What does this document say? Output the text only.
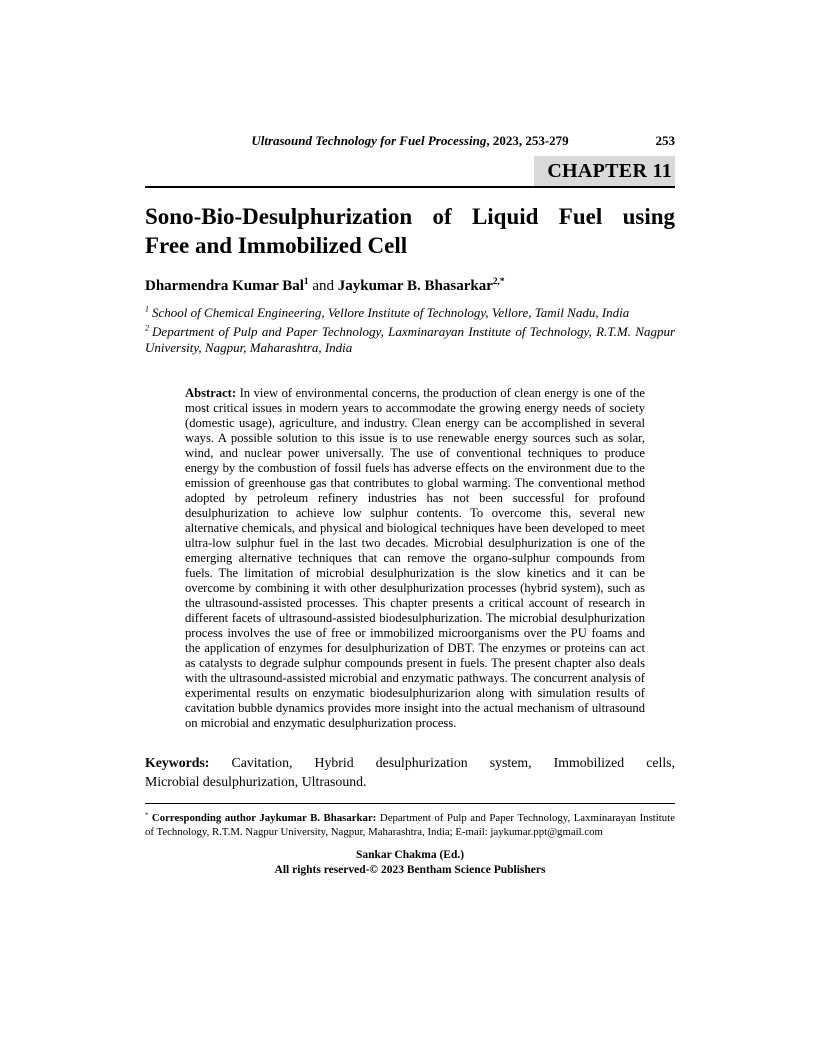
Ultrasound Technology for Fuel Processing, 2023, 253-279	253
CHAPTER 11
Sono-Bio-Desulphurization of Liquid Fuel using
Free and Immobilized Cell
Dharmendra Kumar Bal$^1$ and Jaykumar B. Bhasarkar$^{2,*}$

$^1$ School of Chemical Engineering, Vellore Institute of Technology, Vellore, Tamil Nadu, India

$^2$ Department of Pulp and Paper Technology, Laxminarayan Institute of Technology, R.T.M. Nagpur University, Nagpur, Maharashtra, India

Abstract: In view of environmental concerns, the production of clean energy is one of the most critical issues in modern years to accommodate the growing energy needs of society (domestic usage), agriculture, and industry. Clean energy can be accomplished in several ways. A possible solution to this issue is to use renewable energy sources such as solar, wind, and nuclear power universally. The use of conventional techniques to produce energy by the combustion of fossil fuels has adverse effects on the environment due to the emission of greenhouse gas that contributes to global warming. The conventional method adopted by petroleum refinery industries has not been successful for profound desulphurization to achieve low sulphur contents. To overcome this, several new alternative chemicals, and physical and biological techniques have been developed to meet ultra-low sulphur fuel in the last two decades. Microbial desulphurization is one of the emerging alternative techniques that can remove the organo-sulphur compounds from fuels. The limitation of microbial desulphurization is the slow kinetics and it can be overcome by combining it with other desulphurization processes (hybrid system), such as the ultrasound-assisted processes. This chapter presents a critical account of research in different facets of ultrasound-assisted biodesulphurization. The microbial desulphurization process involves the use of free or immobilized microorganisms over the PU foams and the application of enzymes for desulphurization of DBT. The enzymes or proteins can act as catalysts to degrade sulphur compounds present in fuels. The present chapter also deals with the ultrasound-assisted microbial and enzymatic pathways. The concurrent analysis of experimental results on enzymatic biodesulphurizarion along with simulation results of cavitation bubble dynamics provides more insight into the actual mechanism of ultrasound on microbial and enzymatic desulphurization process.
Keywords: Cavitation, Hybrid desulphurization system, Immobilized cells,
Microbial desulphurization, Ultrasound.

* Corresponding author Jaykumar B. Bhasarkar: Department of Pulp and Paper Technology, Laxminarayan Institute of Technology, R.T.M. Nagpur University, Nagpur, Maharashtra, India; E-mail: jaykumar.ppt@gmail.com

Sankar Chakma (Ed.)
All rights reserved-© 2023 Bentham Science Publishers
